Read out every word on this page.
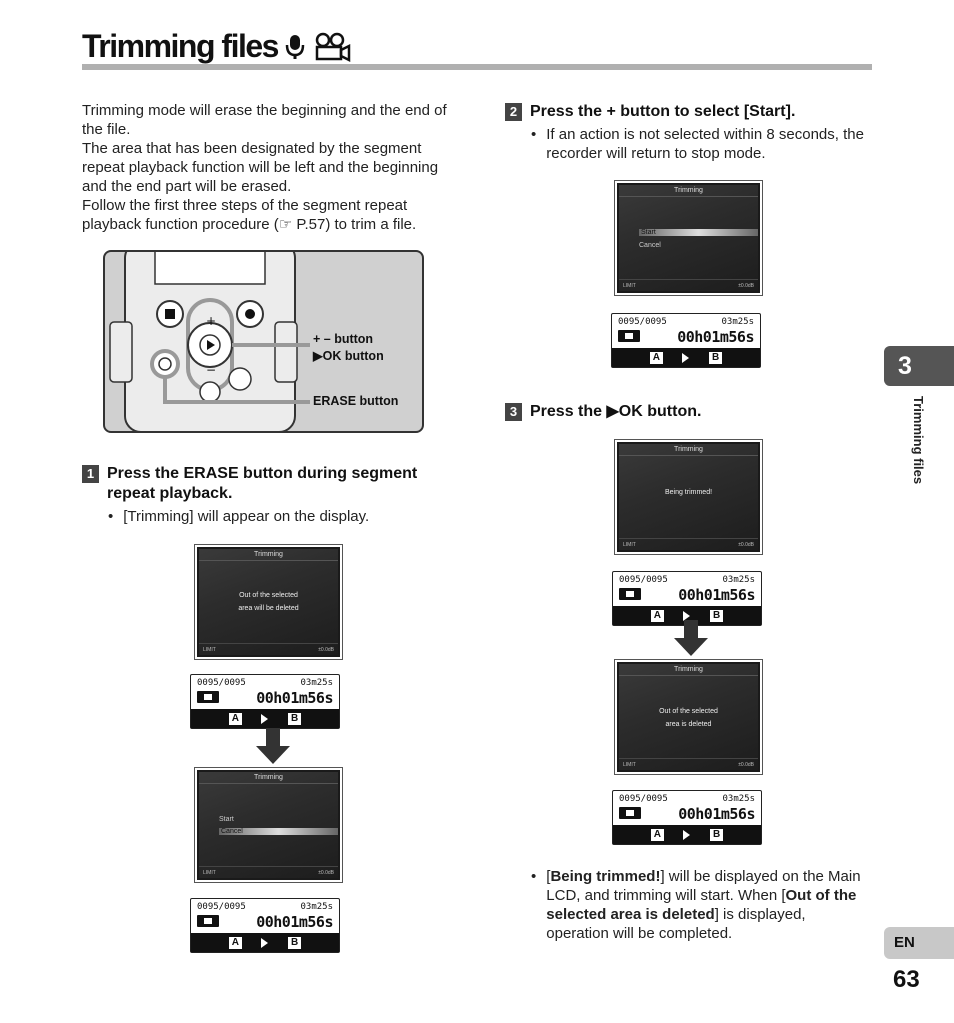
Trimming files

Trimming mode will erase the beginning and the end of the file.

The area that has been designated by the segment repeat playback function will be left and the beginning and the end part will be erased.

Follow the first three steps of the segment repeat playback function procedure (☞ P.57) to trim a file.

+
−
+ – button
▶OK button
ERASE button
1 Press the ERASE button during segment repeat playback.
• [Trimming] will appear on the display.
Trimming
Out of the selected
area will be deleted
LIMIT	±0.0dB
0095/0095	03m25s
00h01m56s
A	B
Trimming
Start
Cancel
LIMIT	±0.0dB
0095/0095	03m25s
00h01m56s
A	B
2 Press the + button to select [Start].
• If an action is not selected within 8 seconds, the recorder will return to stop mode.
Trimming
Start
Cancel
LIMIT	±0.0dB
0095/0095	03m25s
00h01m56s
A	B
3 Press the ▶OK button.
Trimming
Being trimmed!
LIMIT	±0.0dB
0095/0095	03m25s
00h01m56s
A	B
Trimming
Out of the selected
area is deleted
LIMIT	±0.0dB
0095/0095	03m25s
00h01m56s
A	B
• [Being trimmed!] will be displayed on the Main LCD, and trimming will start. When [Out of the selected area is deleted] is displayed, operation will be completed.
3
Trimming files
EN
63
